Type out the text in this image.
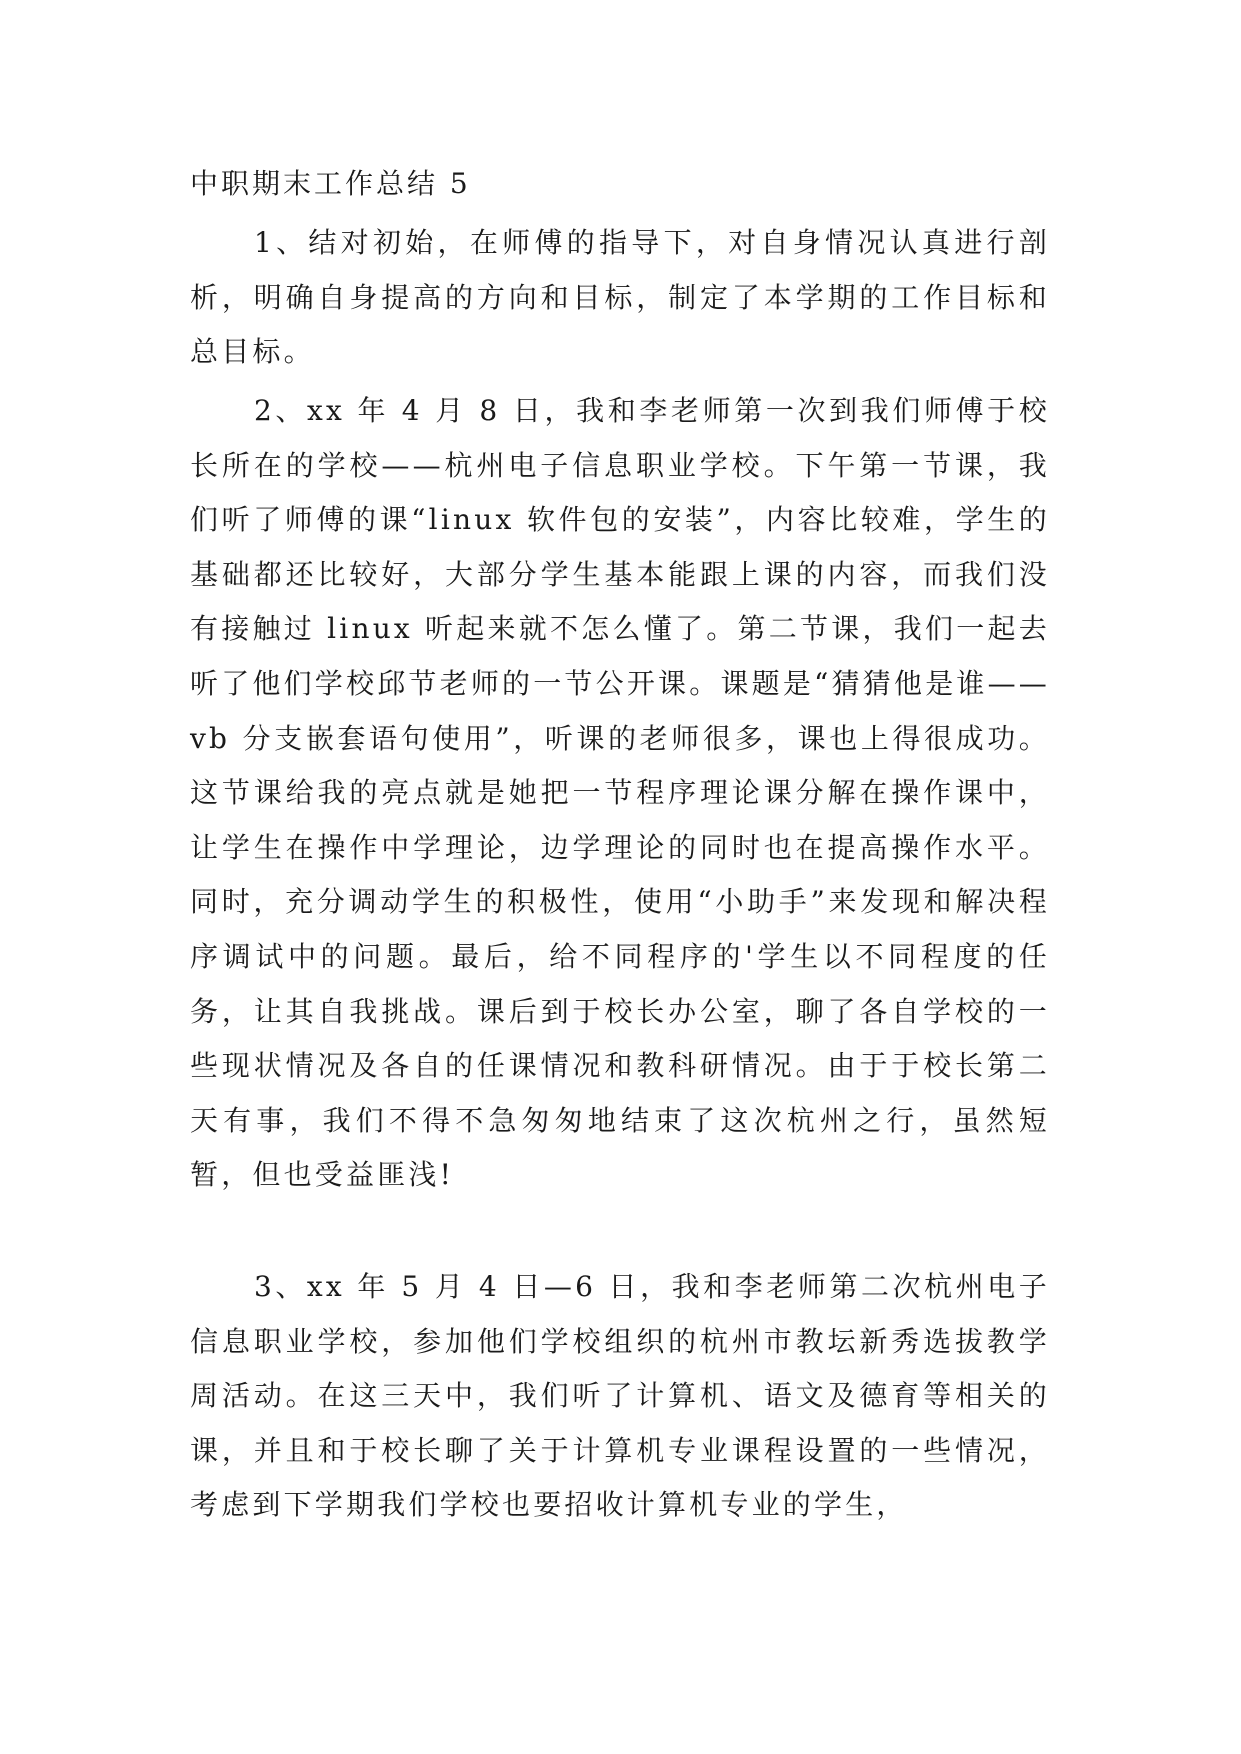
中职期末工作总结 5

1、结对初始，在师傅的指导下，对自身情况认真进行剖析，明确自身提高的方向和目标，制定了本学期的工作目标和总目标。

2、xx 年 4 月 8 日，我和李老师第一次到我们师傅于校长所在的学校——杭州电子信息职业学校。下午第一节课，我们听了师傅的课“linux 软件包的安装”，内容比较难，学生的基础都还比较好，大部分学生基本能跟上课的内容，而我们没有接触过 linux 听起来就不怎么懂了。第二节课，我们一起去听了他们学校邱节老师的一节公开课。课题是“猜猜他是谁——vb 分支嵌套语句使用”，听课的老师很多，课也上得很成功。这节课给我的亮点就是她把一节程序理论课分解在操作课中，让学生在操作中学理论，边学理论的同时也在提高操作水平。同时，充分调动学生的积极性，使用“小助手”来发现和解决程序调试中的问题。最后，给不同程序的'学生以不同程度的任务，让其自我挑战。课后到于校长办公室，聊了各自学校的一些现状情况及各自的任课情况和教科研情况。由于于校长第二天有事，我们不得不急匆匆地结束了这次杭州之行，虽然短暂，但也受益匪浅!

3、xx 年 5 月 4 日—6 日，我和李老师第二次杭州电子信息职业学校，参加他们学校组织的杭州市教坛新秀选拔教学周活动。在这三天中，我们听了计算机、语文及德育等相关的课，并且和于校长聊了关于计算机专业课程设置的一些情况，考虑到下学期我们学校也要招收计算机专业的学生，
